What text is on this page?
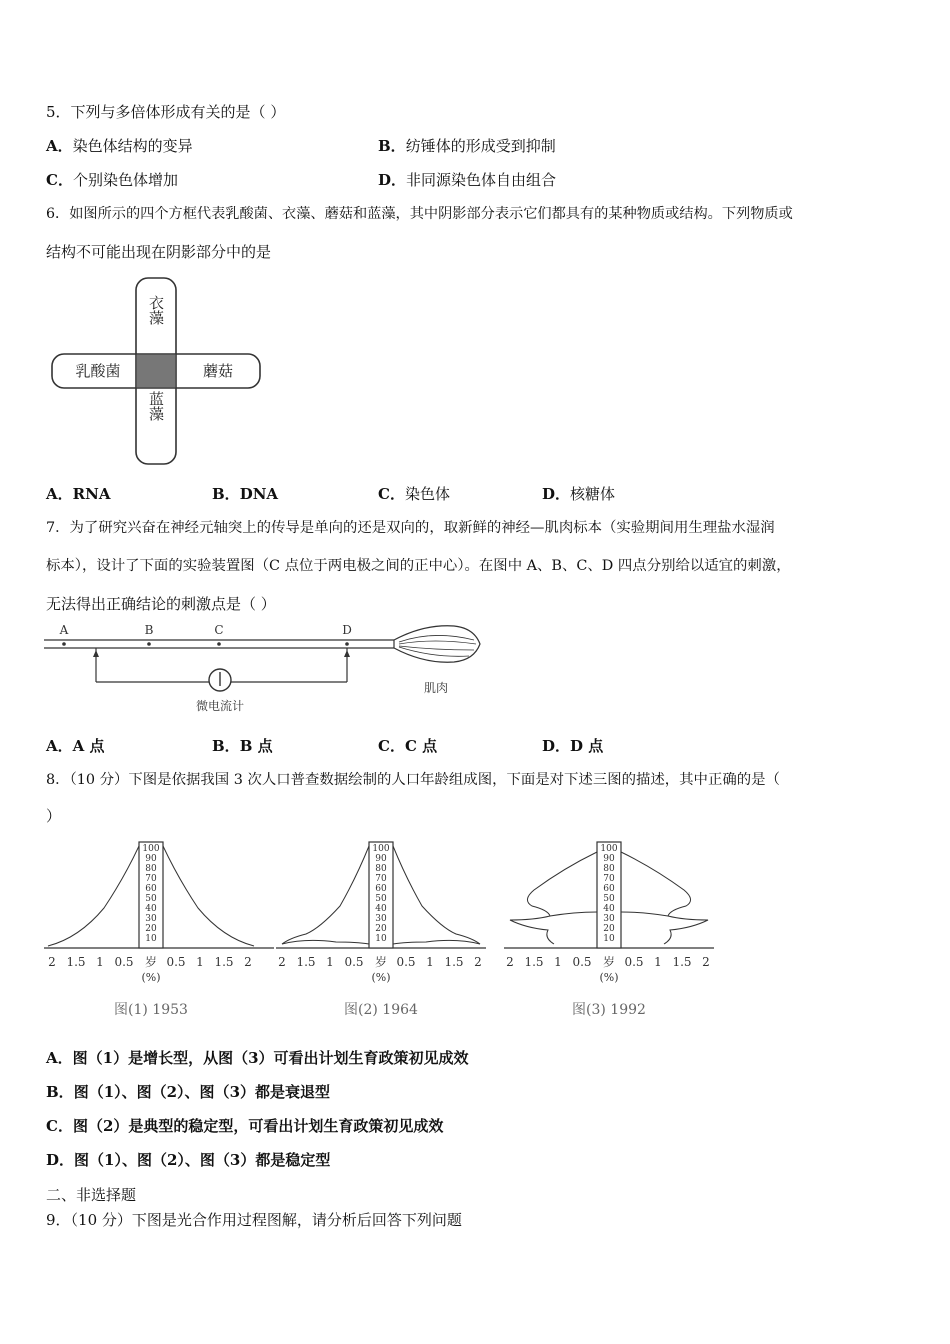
5．下列与多倍体形成有关的是（ ）
A．染色体结构的变异	B．纺锤体的形成受到抑制
C．个别染色体增加	D．非同源染色体自由组合
6．如图所示的四个方框代表乳酸菌、衣藻、蘑菇和蓝藻，其中阴影部分表示它们都具有的某种物质或结构。下列物质或
结构不可能出现在阴影部分中的是
衣藻
乳酸菌	蘑菇
蓝藻
A．RNA	B．DNA	C．染色体	D．核糖体
7．为了研究兴奋在神经元轴突上的传导是单向的还是双向的，取新鲜的神经—肌肉标本（实验期间用生理盐水湿润
标本），设计了下面的实验装置图（C 点位于两电极之间的正中心）。在图中 A、B、C、D 四点分别给以适宜的刺激，
无法得出正确结论的刺激点是（ ）
A	B	C	D
微电流计
肌肉
A．A 点	B．B 点	C．C 点	D．D 点
8．（10 分）下图是依据我国 3 次人口普查数据绘制的人口年龄组成图，下面是对下述三图的描述，其中正确的是（
）
100
90
80
70
60
50
40
30
20
10
2 1.5 1 0.5 岁 0.5 1 1.5 2
(%)
图(1) 1953
100
90
80
70
60
50
40
30
20
10
2 1.5 1 0.5 岁 0.5 1 1.5 2
(%)
图(2) 1964
100
90
80
70
60
50
40
30
20
10
2 1.5 1 0.5 岁 0.5 1 1.5 2
(%)
图(3) 1992
A．图（1）是增长型，从图（3）可看出计划生育政策初见成效
B．图（1）、图（2）、图（3）都是衰退型
C．图（2）是典型的稳定型，可看出计划生育政策初见成效
D．图（1）、图（2）、图（3）都是稳定型
二、非选择题
9．（10 分）下图是光合作用过程图解，请分析后回答下列问题
